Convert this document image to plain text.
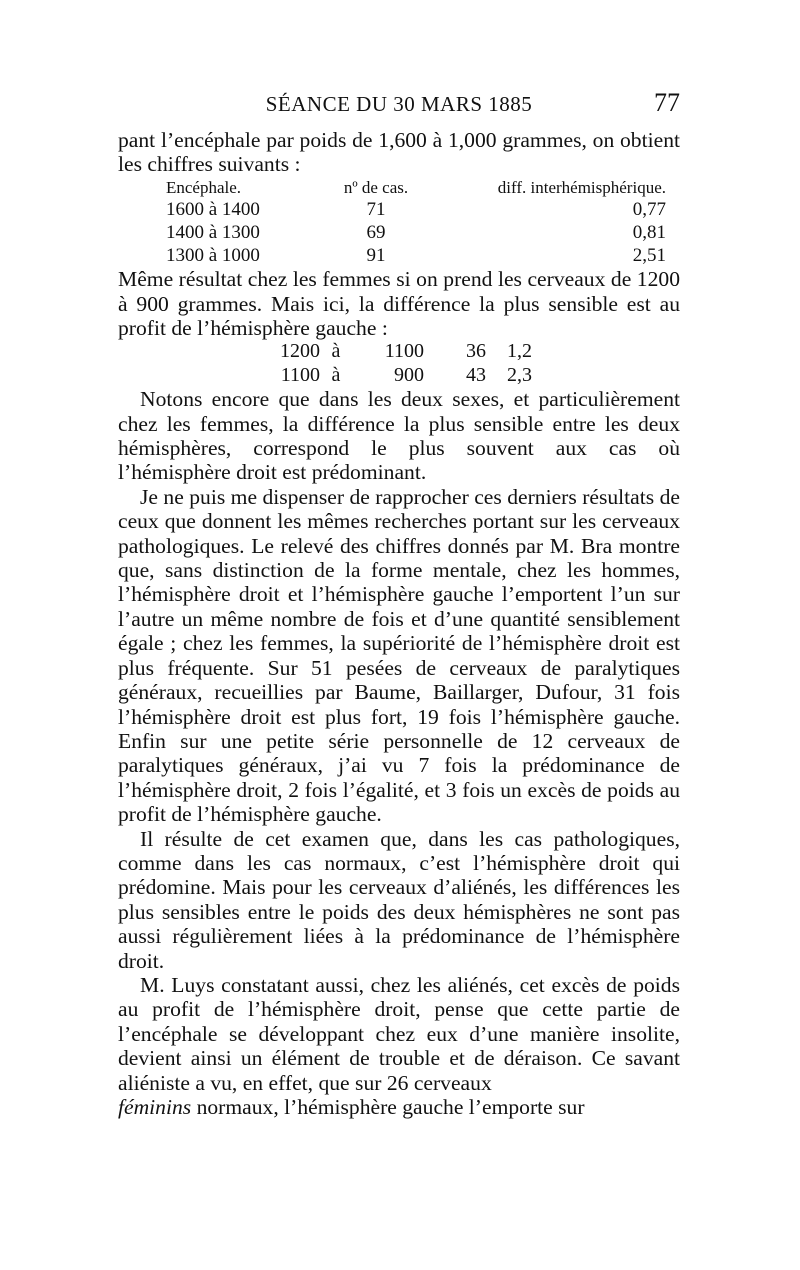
SÉANCE DU 30 MARS 1885	77

pant l’encéphale par poids de 1,600 à 1,000 grammes, on obtient les chiffres suivants :

Encéphale.	nº de cas.	diff. interhémisphérique.
1600 à 1400	71	0,77
1400 à 1300	69	0,81
1300 à 1000	91	2,51

Même résultat chez les femmes si on prend les cerveaux de 1200 à 900 grammes. Mais ici, la différence la plus sensible est au profit de l’hémisphère gauche :

1200	à	1100	36	1,2
1100	à	900	43	2,3

Notons encore que dans les deux sexes, et particulièrement chez les femmes, la différence la plus sensible entre les deux hémisphères, correspond le plus souvent aux cas où l’hémisphère droit est prédominant.

Je ne puis me dispenser de rapprocher ces derniers résultats de ceux que donnent les mêmes recherches portant sur les cerveaux pathologiques. Le relevé des chiffres donnés par M. Bra montre que, sans distinction de la forme mentale, chez les hommes, l’hémisphère droit et l’hémisphère gauche l’emportent l’un sur l’autre un même nombre de fois et d’une quantité sensiblement égale ; chez les femmes, la supériorité de l’hémisphère droit est plus fréquente. Sur 51 pesées de cerveaux de paralytiques généraux, recueillies par Baume, Baillarger, Dufour, 31 fois l’hémisphère droit est plus fort, 19 fois l’hémisphère gauche. Enfin sur une petite série personnelle de 12 cerveaux de paralytiques généraux, j’ai vu 7 fois la prédominance de l’hémisphère droit, 2 fois l’égalité, et 3 fois un excès de poids au profit de l’hémisphère gauche.

Il résulte de cet examen que, dans les cas pathologiques, comme dans les cas normaux, c’est l’hémisphère droit qui prédomine. Mais pour les cerveaux d’aliénés, les différences les plus sensibles entre le poids des deux hémisphères ne sont pas aussi régulièrement liées à la prédominance de l’hémisphère droit.

M. Luys constatant aussi, chez les aliénés, cet excès de poids au profit de l’hémisphère droit, pense que cette partie de l’encéphale se développant chez eux d’une manière insolite, devient ainsi un élément de trouble et de déraison. Ce savant aliéniste a vu, en effet, que sur 26 cerveaux

féminins normaux, l’hémisphère gauche l’emporte sur
